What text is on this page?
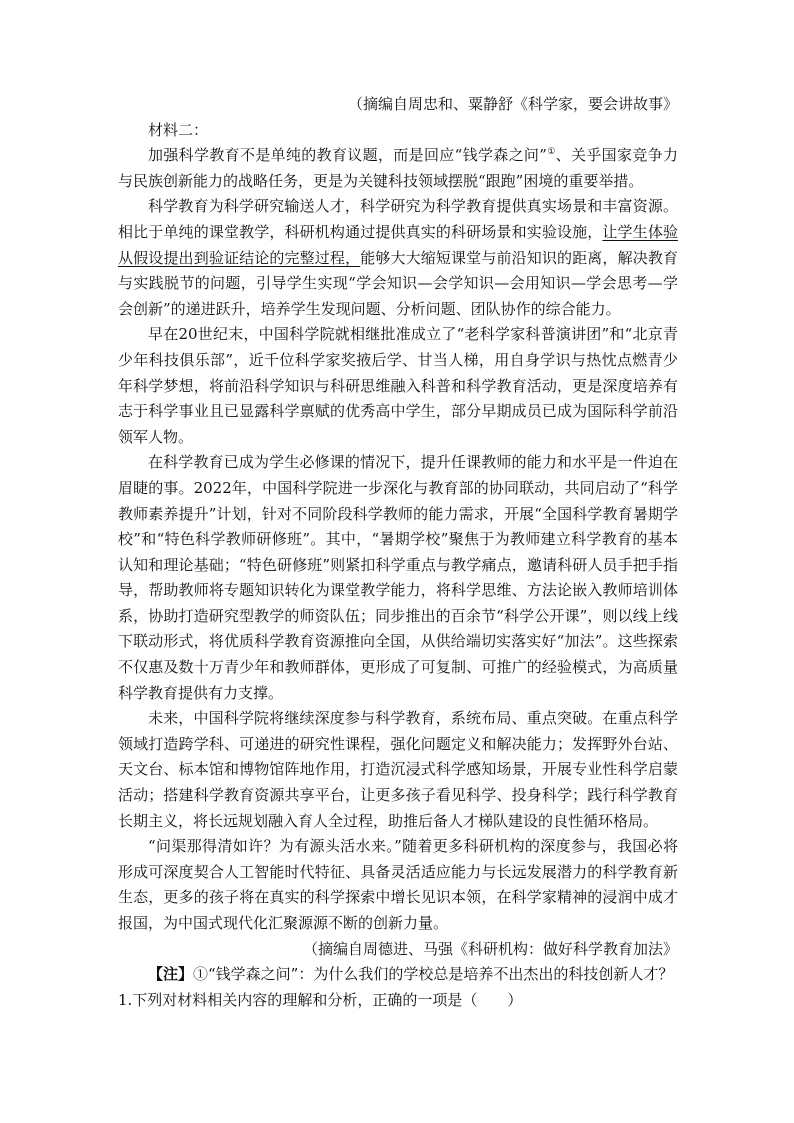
（摘编自周忠和、粟静舒《科学家，要会讲故事》

材料二：

加强科学教育不是单纯的教育议题，而是回应“钱学森之问”①、关乎国家竞争力与民族创新能力的战略任务，更是为关键科技领域摆脱“跟跑”困境的重要举措。

科学教育为科学研究输送人才，科学研究为科学教育提供真实场景和丰富资源。相比于单纯的课堂教学，科研机构通过提供真实的科研场景和实验设施，让学生体验从假设提出到验证结论的完整过程，能够大大缩短课堂与前沿知识的距离，解决教育与实践脱节的问题，引导学生实现“学会知识—会学知识—会用知识—学会思考—学会创新”的递进跃升，培养学生发现问题、分析问题、团队协作的综合能力。

早在20世纪末，中国科学院就相继批准成立了“老科学家科普演讲团”和“北京青少年科技俱乐部”，近千位科学家奖掖后学、甘当人梯，用自身学识与热忱点燃青少年科学梦想，将前沿科学知识与科研思维融入科普和科学教育活动，更是深度培养有志于科学事业且已显露科学禀赋的优秀高中学生，部分早期成员已成为国际科学前沿领军人物。

在科学教育已成为学生必修课的情况下，提升任课教师的能力和水平是一件迫在眉睫的事。2022年，中国科学院进一步深化与教育部的协同联动，共同启动了“科学教师素养提升”计划，针对不同阶段科学教师的能力需求，开展“全国科学教育暑期学校”和“特色科学教师研修班”。其中，“暑期学校”聚焦于为教师建立科学教育的基本认知和理论基础；“特色研修班”则紧扣科学重点与教学痛点，邀请科研人员手把手指导，帮助教师将专题知识转化为课堂教学能力，将科学思维、方法论嵌入教师培训体系，协助打造研究型教学的师资队伍；同步推出的百余节“科学公开课”，则以线上线下联动形式，将优质科学教育资源推向全国，从供给端切实落实好“加法”。这些探索不仅惠及数十万青少年和教师群体，更形成了可复制、可推广的经验模式，为高质量科学教育提供有力支撑。

未来，中国科学院将继续深度参与科学教育，系统布局、重点突破。在重点科学领域打造跨学科、可递进的研究性课程，强化问题定义和解决能力；发挥野外台站、天文台、标本馆和博物馆阵地作用，打造沉浸式科学感知场景，开展专业性科学启蒙活动；搭建科学教育资源共享平台，让更多孩子看见科学、投身科学；践行科学教育长期主义，将长远规划融入育人全过程，助推后备人才梯队建设的良性循环格局。

“问渠那得清如许？为有源头活水来。”随着更多科研机构的深度参与，我国必将形成可深度契合人工智能时代特征、具备灵活适应能力与长远发展潜力的科学教育新生态，更多的孩子将在真实的科学探索中增长见识本领，在科学家精神的浸润中成才报国，为中国式现代化汇聚源源不断的创新力量。

（摘编自周德进、马强《科研机构：做好科学教育加法》

【注】①“钱学森之问”：为什么我们的学校总是培养不出杰出的科技创新人才？

1.下列对材料相关内容的理解和分析，正确的一项是（　　）
